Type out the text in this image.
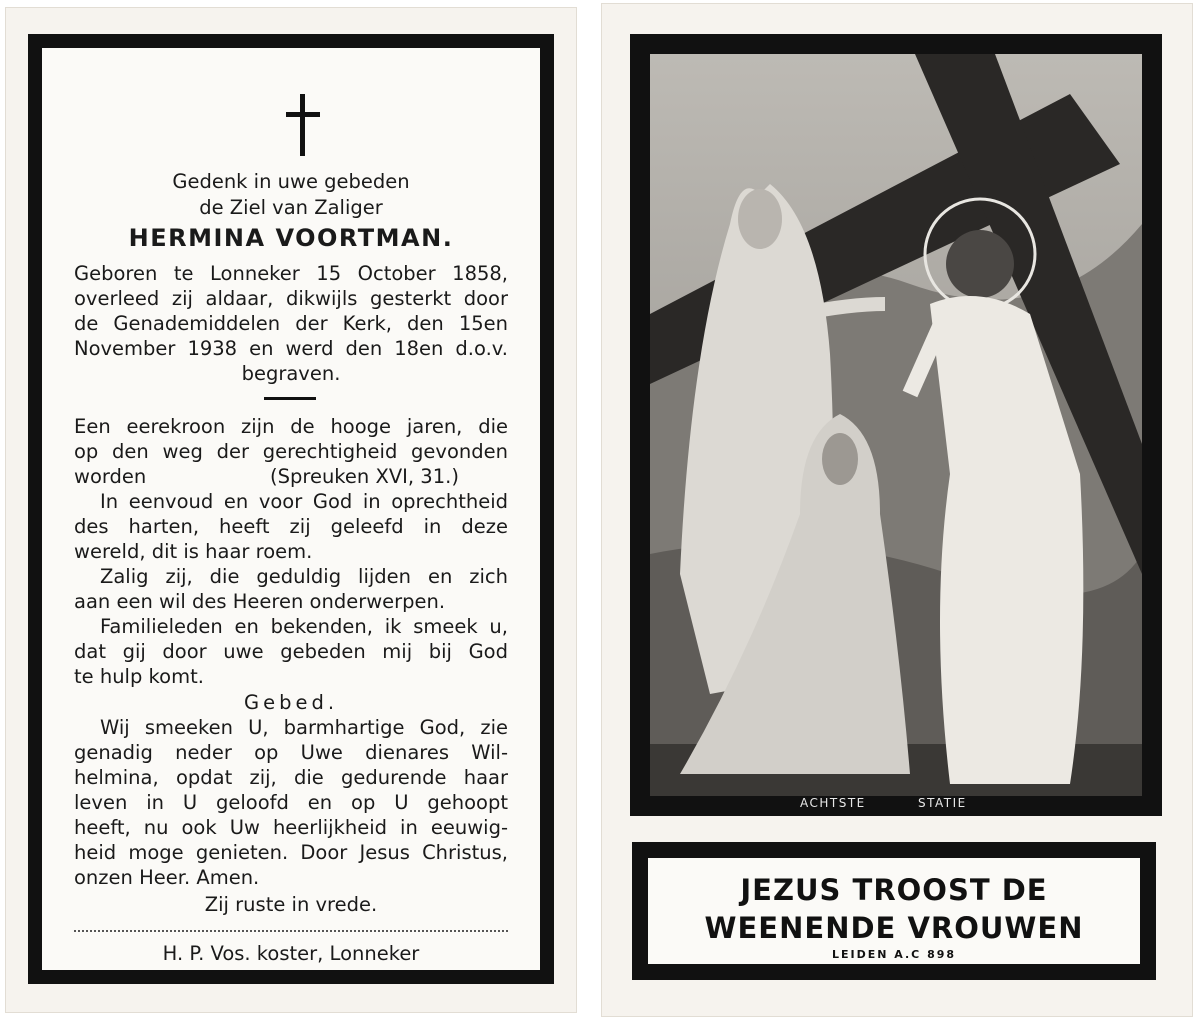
Gedenk in uwe gebeden
de Ziel van Zaliger
HERMINA VOORTMAN.
Geboren te Lonneker 15 October 1858,
overleed zij aldaar, dikwijls gesterkt door
de Genademiddelen der Kerk, den 15en
November 1938 en werd den 18en d.o.v.
begraven.
Een eerekroon zijn de hooge jaren, die
op den weg der gerechtigheid gevonden
worden	(Spreuken XVI, 31.)
In eenvoud en voor God in oprechtheid
des harten, heeft zij geleefd in deze
wereld, dit is haar roem.
Zalig zij, die geduldig lijden en zich
aan een wil des Heeren onderwerpen.
Familieleden en bekenden, ik smeek u,
dat gij door uwe gebeden mij bij God
te hulp komt.
Gebed.
Wij smeeken U, barmhartige God, zie
genadig neder op Uwe dienares Wil-
helmina, opdat zij, die gedurende haar
leven in U geloofd en op U gehoopt
heeft, nu ook Uw heerlijkheid in eeuwig-
heid moge genieten. Door Jesus Christus,
onzen Heer. Amen.
Zij ruste in vrede.
H. P. Vos. koster, Lonneker
ACHTSTE	STATIE
JEZUS TROOST DE
WEENENDE VROUWEN
LEIDEN A.C 898
